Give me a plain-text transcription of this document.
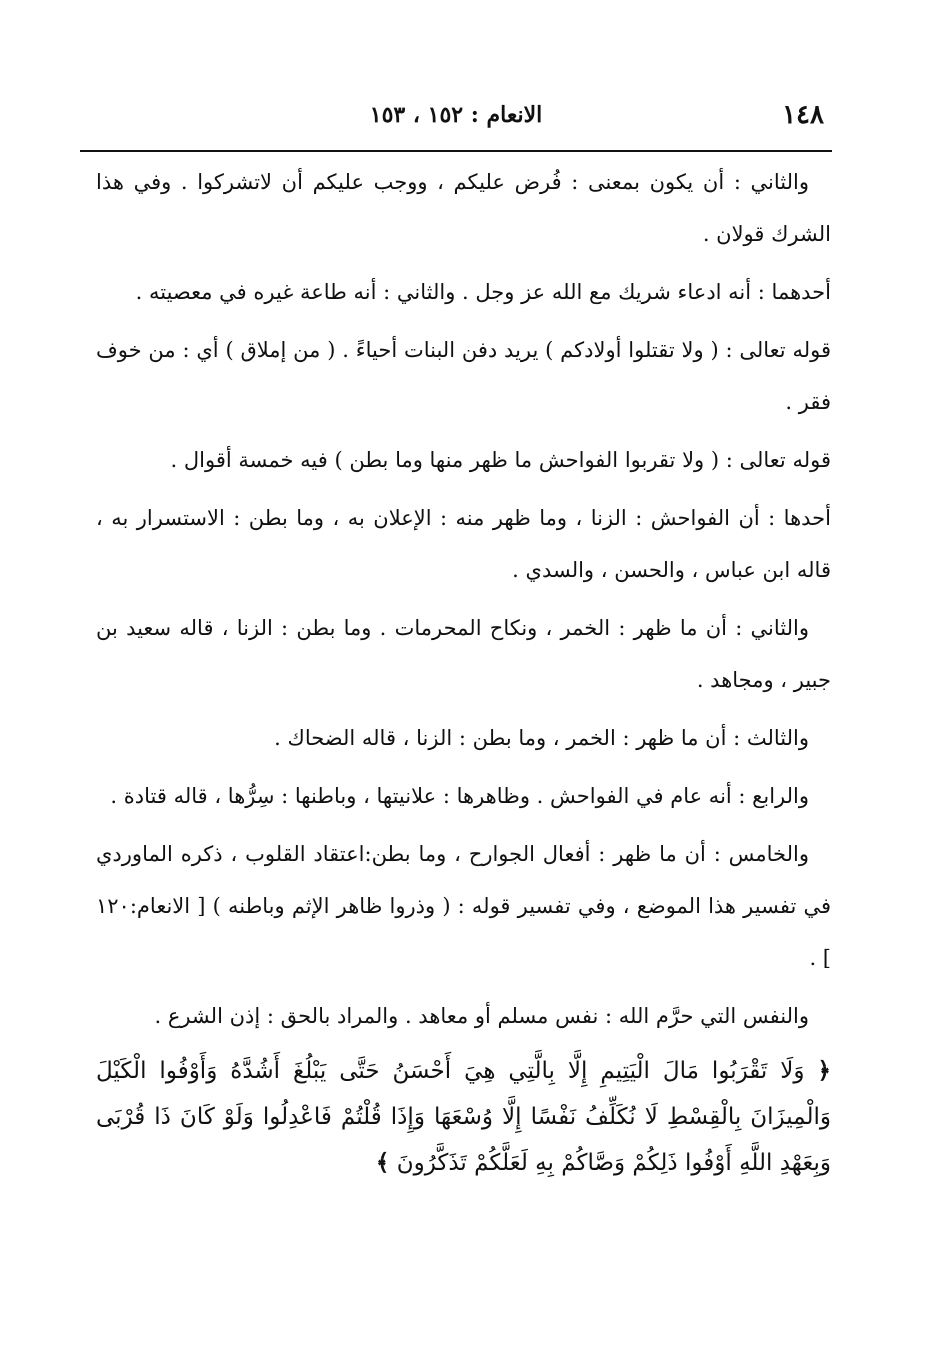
١٤٨
الانعام : ١٥٢ ، ١٥٣

والثاني : أن يكون بمعنى : فُرض عليكم ، ووجب عليكم أن لاتشركوا . وفي هذا الشرك قولان .

أحدهما : أنه ادعاء شريك مع الله عز وجل . والثاني : أنه طاعة غيره في معصيته .

قوله تعالى : ( ولا تقتلوا أولادكم ) يريد دفن البنات أحياءً . ( من إملاق ) أي : من خوف فقر .

قوله تعالى : ( ولا تقربوا الفواحش ما ظهر منها وما بطن ) فيه خمسة أقوال .

أحدها : أن الفواحش : الزنا ، وما ظهر منه : الإعلان به ، وما بطن : الاستسرار به ، قاله ابن عباس ، والحسن ، والسدي .

والثاني : أن ما ظهر : الخمر ، ونكاح المحرمات . وما بطن : الزنا ، قاله سعيد بن جبير ، ومجاهد .

والثالث : أن ما ظهر : الخمر ، وما بطن : الزنا ، قاله الضحاك .

والرابع : أنه عام في الفواحش . وظاهرها : علانيتها ، وباطنها : سِرُّها ، قاله قتادة .

والخامس : أن ما ظهر : أفعال الجوارح ، وما بطن:اعتقاد القلوب ، ذكره الماوردي في تفسير هذا الموضع ، وفي تفسير قوله : ( وذروا ظاهر الإثم وباطنه ) [ الانعام:١٢٠ ] .

والنفس التي حرَّم الله : نفس مسلم أو معاهد . والمراد بالحق : إذن الشرع .

﴿ وَلَا تَقْرَبُوا مَالَ الْيَتِيمِ إِلَّا بِالَّتِي هِيَ أَحْسَنُ حَتَّى يَبْلُغَ أَشُدَّهُ وَأَوْفُوا الْكَيْلَ وَالْمِيزَانَ بِالْقِسْطِ لَا نُكَلِّفُ نَفْسًا إِلَّا وُسْعَهَا وَإِذَا قُلْتُمْ فَاعْدِلُوا وَلَوْ كَانَ ذَا قُرْبَى وَبِعَهْدِ اللَّهِ أَوْفُوا ذَلِكُمْ وَصَّاكُمْ بِهِ لَعَلَّكُمْ تَذَكَّرُونَ ﴾
